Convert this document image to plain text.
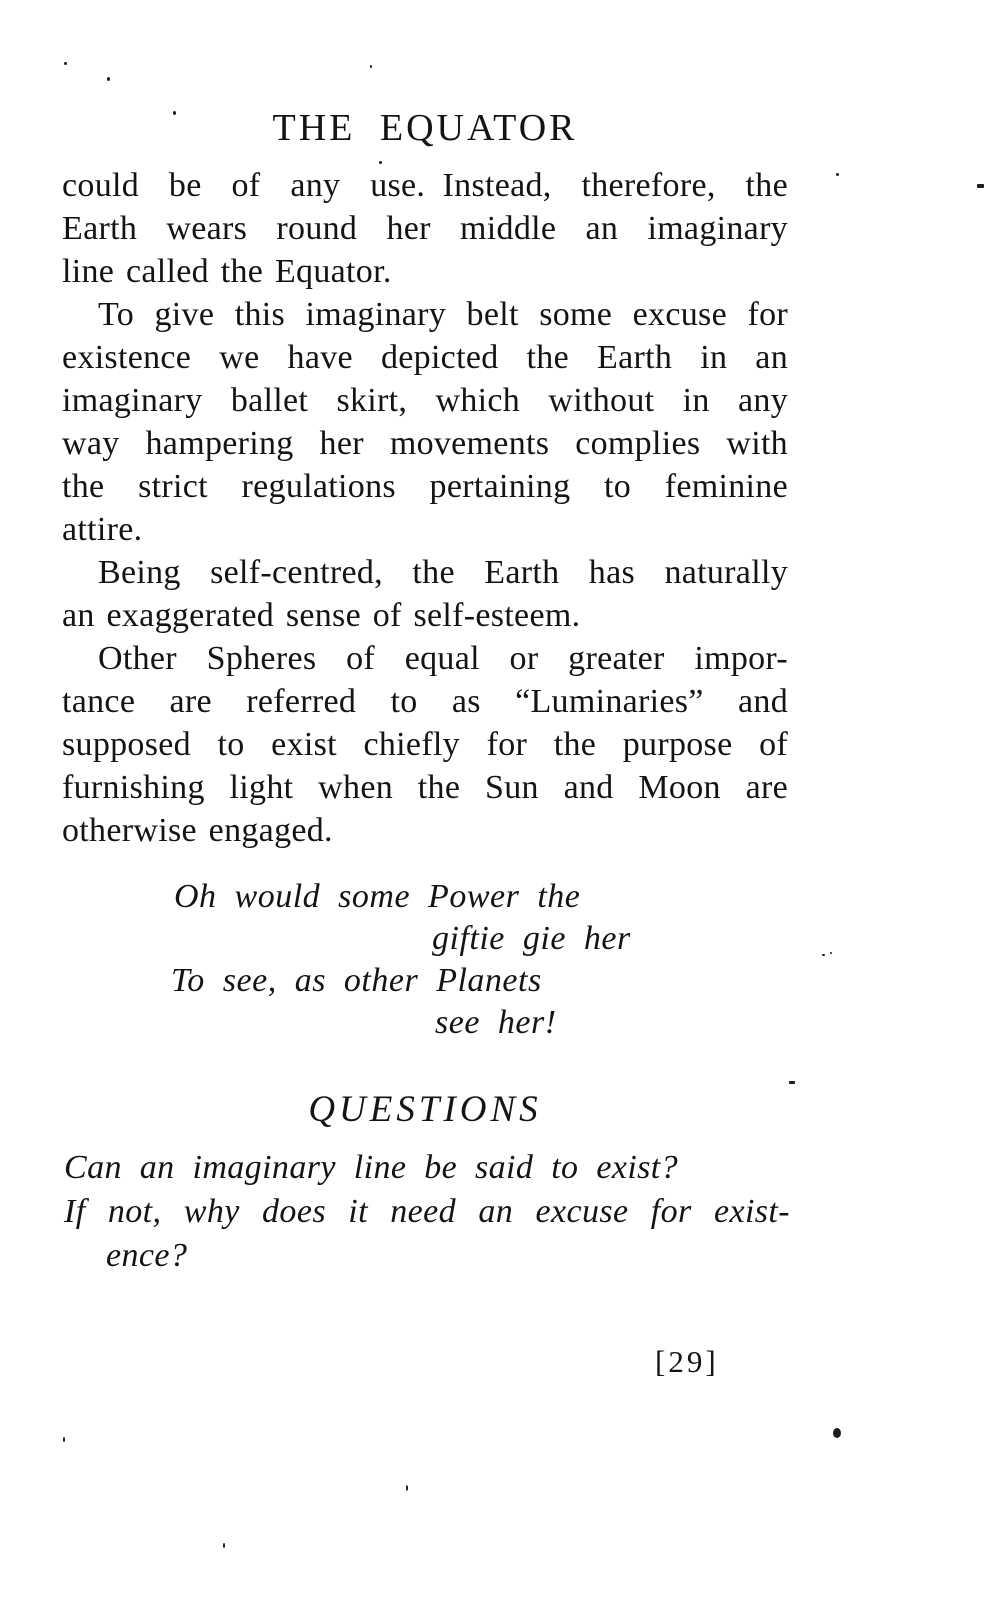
THE EQUATOR
could be of any use. Instead, therefore, the
Earth wears round her middle an imaginary
line called the Equator.
To give this imaginary belt some excuse for
existence we have depicted the Earth in an
imaginary ballet skirt, which without in any
way hampering her movements complies with
the strict regulations pertaining to feminine
attire.
Being self-centred, the Earth has naturally
an exaggerated sense of self-esteem.
Other Spheres of equal or greater impor-
tance are referred to as “Luminaries” and
supposed to exist chiefly for the purpose of
furnishing light when the Sun and Moon are
otherwise engaged.
Oh would some Power the
giftie gie her
To see, as other Planets
see her!
QUESTIONS
Can an imaginary line be said to exist?
If not, why does it need an excuse for exist-
ence?
[29]
